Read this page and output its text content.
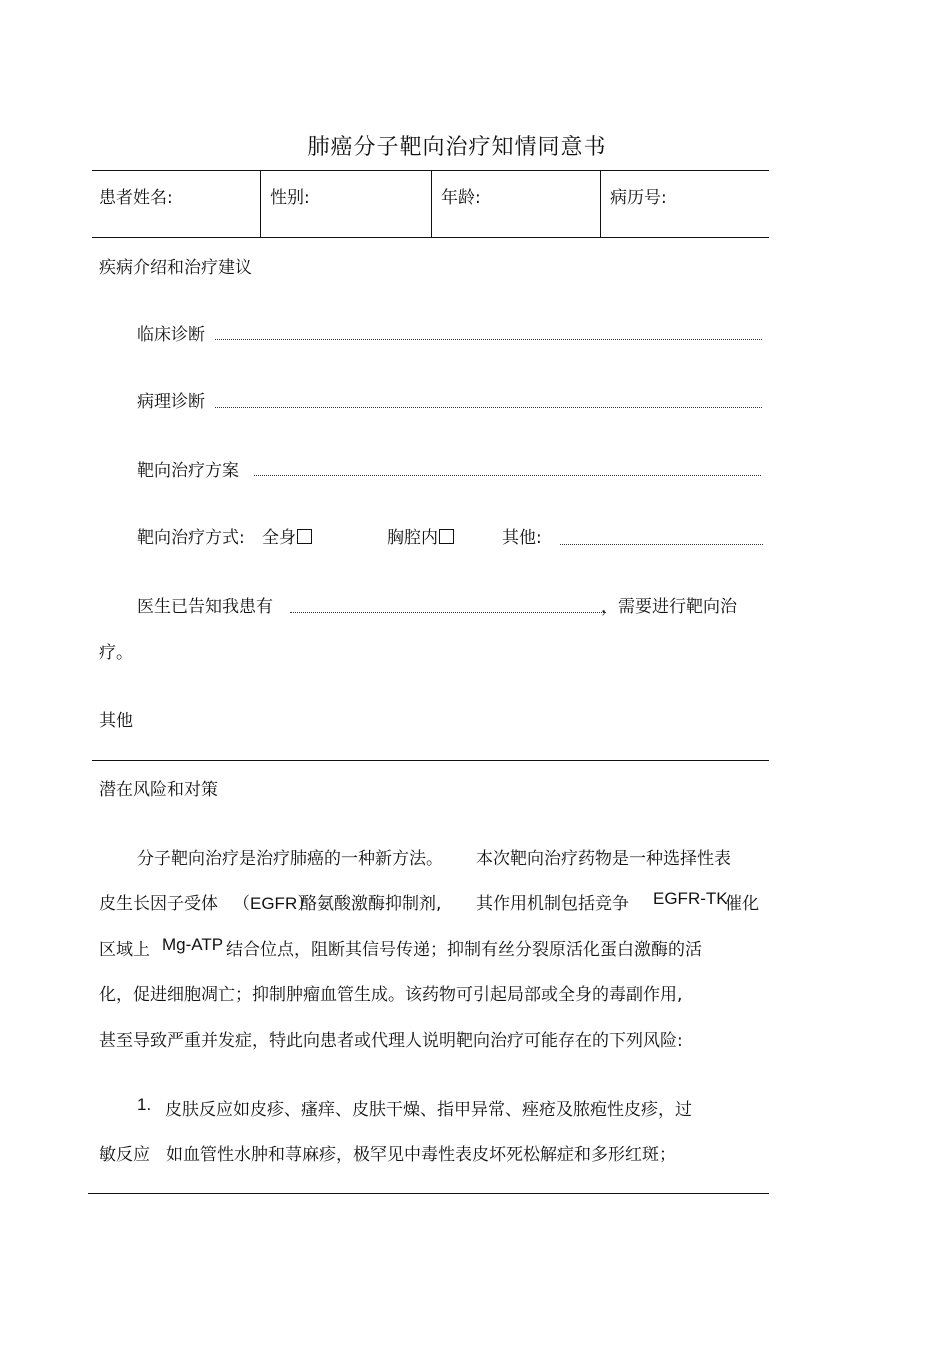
肺癌分子靶向治疗知情同意书
患者姓名:	性别:	年龄:	病历号:
疾病介绍和治疗建议
临床诊断
病理诊断
靶向治疗方案
靶向治疗方式: 全身	胸腔内	其他:
医生已告知我患有	，需要进行靶向治
疗。
其他
潜在风险和对策
分子靶向治疗是治疗肺癌的一种新方法。 本次靶向治疗药物是一种选择性表
皮生长因子受体 （EGFR）
酪氨酸激酶抑制剂, 其作用机制包括竞争 EGFR-TK
催化
区域上 Mg-ATP 结合位点，阻断其信号传递；抑制有丝分裂原活化蛋白激酶的活
化，促进细胞凋亡；抑制肿瘤血管生成。该药物可引起局部或全身的毒副作用,
甚至导致严重并发症，特此向患者或代理人说明靶向治疗可能存在的下列风险:
1. 皮肤反应如皮疹、瘙痒、皮肤干燥、指甲异常、痤疮及脓疱性皮疹，过
敏反应 如血管性水肿和荨麻疹，极罕见中毒性表皮坏死松解症和多形红斑；
